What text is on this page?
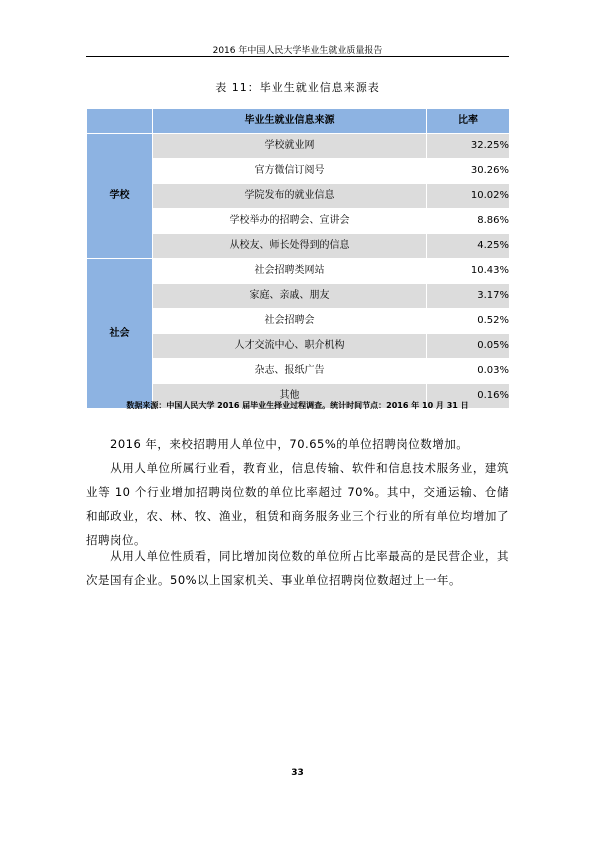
2016 年中国人民大学毕业生就业质量报告
表 11：毕业生就业信息来源表
	毕业生就业信息来源	比率
学校	学校就业网	32.25%
	官方微信订阅号	30.26%
	学院发布的就业信息	10.02%
	学校举办的招聘会、宣讲会	8.86%
	从校友、师长处得到的信息	4.25%
社会	社会招聘类网站	10.43%
	家庭、亲戚、朋友	3.17%
	社会招聘会	0.52%
	人才交流中心、职介机构	0.05%
	杂志、报纸广告	0.03%
	其他	0.16%
数据来源：中国人民大学 2016 届毕业生择业过程调查。统计时间节点：2016 年 10 月 31 日
　　2016 年，来校招聘用人单位中，70.65%的单位招聘岗位数增加。
　　从用人单位所属行业看，教育业，信息传输、软件和信息技术服务业，建筑业等 10 个行业增加招聘岗位数的单位比率超过 70%。其中，交通运输、仓储和邮政业，农、林、牧、渔业，租赁和商务服务业三个行业的所有单位均增加了招聘岗位。
　　从用人单位性质看，同比增加岗位数的单位所占比率最高的是民营企业，其次是国有企业。50%以上国家机关、事业单位招聘岗位数超过上一年。
33
